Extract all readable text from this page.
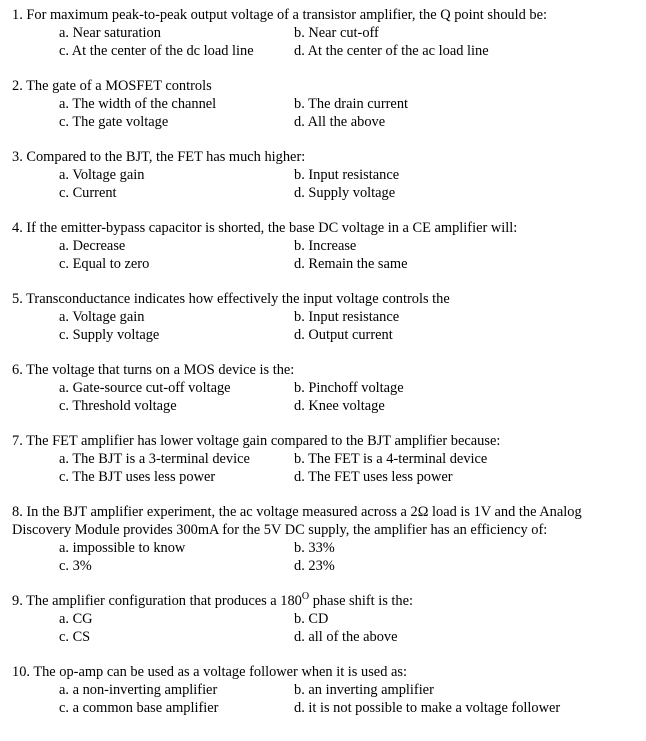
1. For maximum peak-to-peak output voltage of a transistor amplifier, the Q point should be:
a. Near saturation	b. Near cut-off
c. At the center of the dc load line	d. At the center of the ac load line
2. The gate of a MOSFET controls
a. The width of the channel	b. The drain current
c. The gate voltage	d. All the above
3. Compared to the BJT, the FET has much higher:
a. Voltage gain	b. Input resistance
c. Current	d. Supply voltage
4. If the emitter-bypass capacitor is shorted, the base DC voltage in a CE amplifier will:
a. Decrease	b. Increase
c. Equal to zero	d. Remain the same
5. Transconductance indicates how effectively the input voltage controls the
a. Voltage gain	b. Input resistance
c. Supply voltage	d. Output current
6. The voltage that turns on a MOS device is the:
a. Gate-source cut-off voltage	b. Pinchoff voltage
c. Threshold voltage	d. Knee voltage
7. The FET amplifier has lower voltage gain compared to the BJT amplifier because:
a. The BJT is a 3-terminal device	b. The FET is a 4-terminal device
c. The BJT uses less power	d. The FET uses less power
8. In the BJT amplifier experiment, the ac voltage measured across a 2Ω load is 1V and the Analog Discovery Module provides 300mA for the 5V DC supply, the amplifier has an efficiency of:
a. impossible to know	b. 33%
c. 3%	d. 23%
9. The amplifier configuration that produces a $180^O$ phase shift is the:
a. CG	b. CD
c. CS	d. all of the above
10. The op-amp can be used as a voltage follower when it is used as:
a. a non-inverting amplifier	b. an inverting amplifier
c. a common base amplifier	d. it is not possible to make a voltage follower
